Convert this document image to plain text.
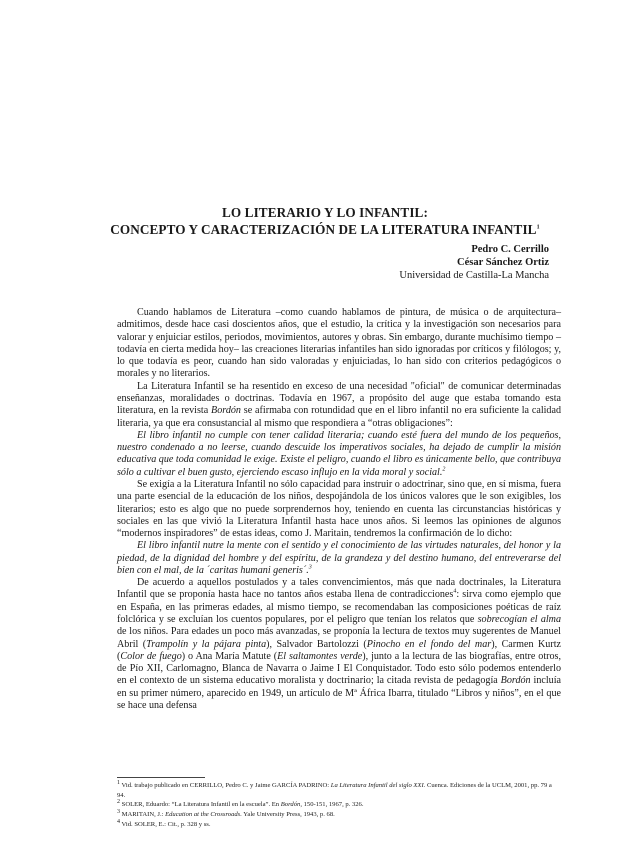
LO LITERARIO Y LO INFANTIL:
CONCEPTO Y CARACTERIZACIÓN DE LA LITERATURA INFANTIL$^1$
Pedro C. Cerrillo
César Sánchez Ortiz
Universidad de Castilla-La Mancha

Cuando hablamos de Literatura –como cuando hablamos de pintura, de música o de arquitectura– admitimos, desde hace casi doscientos años, que el estudio, la crítica y la investigación son necesarios para valorar y enjuiciar estilos, periodos, movimientos, autores y obras. Sin embargo, durante muchísimo tiempo –todavía en cierta medida hoy– las creaciones literarias infantiles han sido ignoradas por críticos y filólogos; y, lo que todavía es peor, cuando han sido valoradas y enjuiciadas, lo han sido con criterios pedagógicos o morales y no literarios.

La Literatura Infantil se ha resentido en exceso de una necesidad "oficial" de comunicar determinadas enseñanzas, moralidades o doctrinas. Todavía en 1967, a propósito del auge que estaba tomando esta literatura, en la revista Bordón se afirmaba con rotundidad que en el libro infantil no era suficiente la calidad literaria, ya que era consustancial al mismo que respondiera a “otras obligaciones”:

El libro infantil no cumple con tener calidad literaria; cuando esté fuera del mundo de los pequeños, nuestro condenado a no leerse, cuando descuide los imperativos sociales, ha dejado de cumplir la misión educativa que toda comunidad le exige. Existe el peligro, cuando el libro es únicamente bello, que contribuya sólo a cultivar el buen gusto, ejerciendo escaso influjo en la vida moral y social.$^2$

Se exigía a la Literatura Infantil no sólo capacidad para instruir o adoctrinar, sino que, en sí misma, fuera una parte esencial de la educación de los niños, despojándola de los únicos valores que le son exigibles, los literarios; esto es algo que no puede sorprendernos hoy, teniendo en cuenta las circunstancias históricas y sociales en las que vivió la Literatura Infantil hasta hace unos años. Si leemos las opiniones de algunos “modernos inspiradores” de estas ideas, como J. Maritain, tendremos la confirmación de lo dicho:

El libro infantil nutre la mente con el sentido y el conocimiento de las virtudes naturales, del honor y la piedad, de la dignidad del hombre y del espíritu, de la grandeza y del destino humano, del entreverarse del bien con el mal, de la ´caritas humani generis´.$^3$

De acuerdo a aquellos postulados y a tales convencimientos, más que nada doctrinales, la Literatura Infantil que se proponía hasta hace no tantos años estaba llena de contradicciones$^4$: sirva como ejemplo que en España, en las primeras edades, al mismo tiempo, se recomendaban las composiciones poéticas de raíz folclórica y se excluían los cuentos populares, por el peligro que tenían los relatos que sobrecogían el alma de los niños. Para edades un poco más avanzadas, se proponía la lectura de textos muy sugerentes de Manuel Abril (Trampolín y la pájara pinta), Salvador Bartolozzi (Pinocho en el fondo del mar), Carmen Kurtz (Color de fuego) o Ana María Matute (El saltamontes verde), junto a la lectura de las biografías, entre otros, de Pío XII, Carlomagno, Blanca de Navarra o Jaime I El Conquistador. Todo esto sólo podemos entenderlo en el contexto de un sistema educativo moralista y doctrinario; la citada revista de pedagogía Bordón incluía en su primer número, aparecido en 1949, un artículo de Mª África Ibarra, titulado “Libros y niños”, en el que se hace una defensa

$^1$ Vid. trabajo publicado en CERRILLO, Pedro C. y Jaime GARCÍA PADRINO: La Literatura Infantil del siglo XXI. Cuenca. Ediciones de la UCLM, 2001, pp. 79 a 94.
$^2$ SOLER, Eduardo: “La Literatura Infantil en la escuela”. En Bordón, 150-151, 1967, p. 326.
$^3$ MARITAIN, J.: Education at the Crossroads. Yale University Press, 1943, p. 68.
$^4$ Vid. SOLER, E.: Cit., p. 328 y ss.
